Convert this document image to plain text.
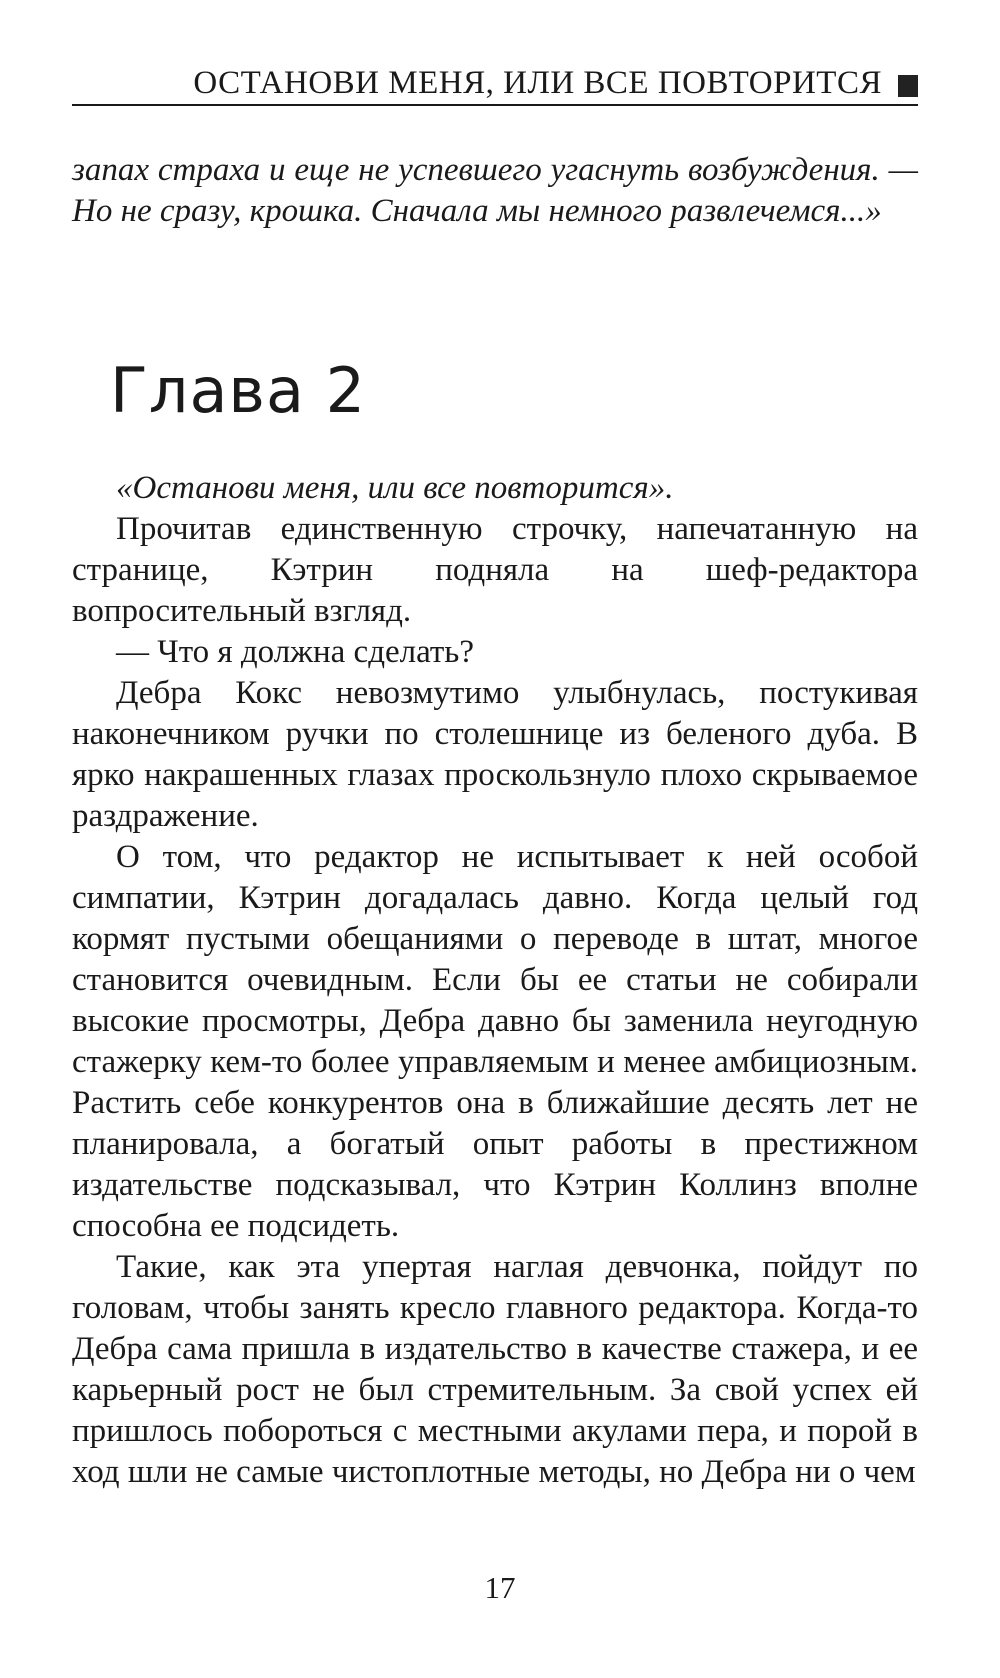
ОСТАНОВИ МЕНЯ, ИЛИ ВСЕ ПОВТОРИТСЯ
запах страха и еще не успевшего угаснуть возбуждения. — Но не сразу, крошка. Сначала мы немного развлечемся...»
Глава 2

«Останови меня, или все повторится».

Прочитав единственную строчку, напечатанную на странице, Кэтрин подняла на шеф-редактора вопросительный взгляд.

— Что я должна сделать?

Дебра Кокс невозмутимо улыбнулась, постукивая наконечником ручки по столешнице из беленого дуба. В ярко накрашенных глазах проскользнуло плохо скрываемое раздражение.

О том, что редактор не испытывает к ней особой симпатии, Кэтрин догадалась давно. Когда целый год кормят пустыми обещаниями о переводе в штат, многое становится очевидным. Если бы ее статьи не собирали высокие просмотры, Дебра давно бы заменила неугодную стажерку кем-то более управляемым и менее амбициозным. Растить себе конкурентов она в ближайшие десять лет не планировала, а богатый опыт работы в престижном издательстве подсказывал, что Кэтрин Коллинз вполне способна ее подсидеть.

Такие, как эта упертая наглая девчонка, пойдут по головам, чтобы занять кресло главного редактора. Когда-то Дебра сама пришла в издательство в качестве стажера, и ее карьерный рост не был стремительным. За свой успех ей пришлось побороться с местными акулами пера, и порой в ход шли не самые чистоплотные методы, но Дебра ни о чем

17
